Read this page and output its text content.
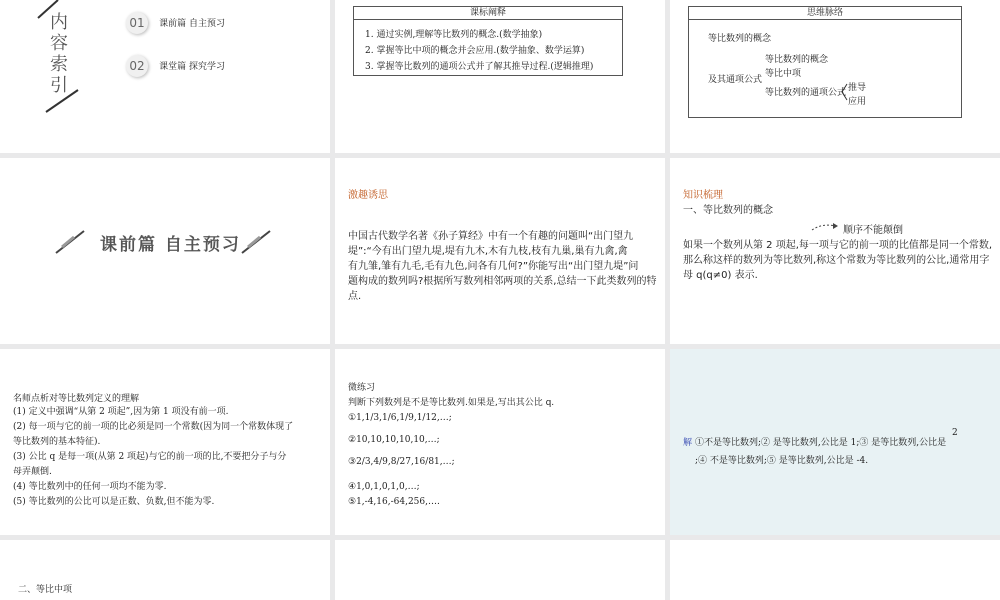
内
容
索
引
01 课前篇 自主预习
02 课堂篇 探究学习
课标阐释
1. 通过实例,理解等比数列的概念.(数学抽象)
2. 掌握等比中项的概念并会应用.(数学抽象、数学运算)
3. 掌握等比数列的通项公式并了解其推导过程.(逻辑推理)
思维脉络
等比数列的概念
及其通项公式
等比数列的概念
等比中项
等比数列的通项公式 推导
应用
课前篇 自主预习
激趣诱思
中国古代数学名著《孙子算经》中有一个有趣的问题叫“出门望九
堤”:“今有出门望九堤,堤有九木,木有九枝,枝有九巢,巢有九禽,禽
有九雏,雏有九毛,毛有九色,问各有几何?”你能写出“出门望九堤”问
题构成的数列吗?根据所写数列相邻两项的关系,总结一下此类数列的特
点.
知识梳理
一、等比数列的概念
顺序不能颠倒
如果一个数列从第 2 项起,每一项与它的前一项的比值都是同一个常数,
那么称这样的数列为等比数列,称这个常数为等比数列的公比,通常用字
母 q(q≠0) 表示.
名师点析对等比数列定义的理解
(1) 定义中强调“从第 2 项起”,因为第 1 项没有前一项.
(2) 每一项与它的前一项的比必须是同一个常数(因为同一个常数体现了
等比数列的基本特征).
(3) 公比 q 是每一项(从第 2 项起)与它的前一项的比,不要把分子与分
母弄颠倒.
(4) 等比数列中的任何一项均不能为零.
(5) 等比数列的公比可以是正数、负数,但不能为零.
微练习
判断下列数列是不是等比数列.如果是,写出其公比 q.
①1,1/3,1/6,1/9,1/12,…;
②10,10,10,10,10,…;
③2/3,4/9,8/27,16/81,…;
④1,0,1,0,1,0,…;
⑤1,-4,16,-64,256,….
解 ①不是等比数列;② 是等比数列,公比是 1;③ 是等比数列,公比是
2
;④ 不是等比数列;⑤ 是等比数列,公比是 -4.
二、等比中项
